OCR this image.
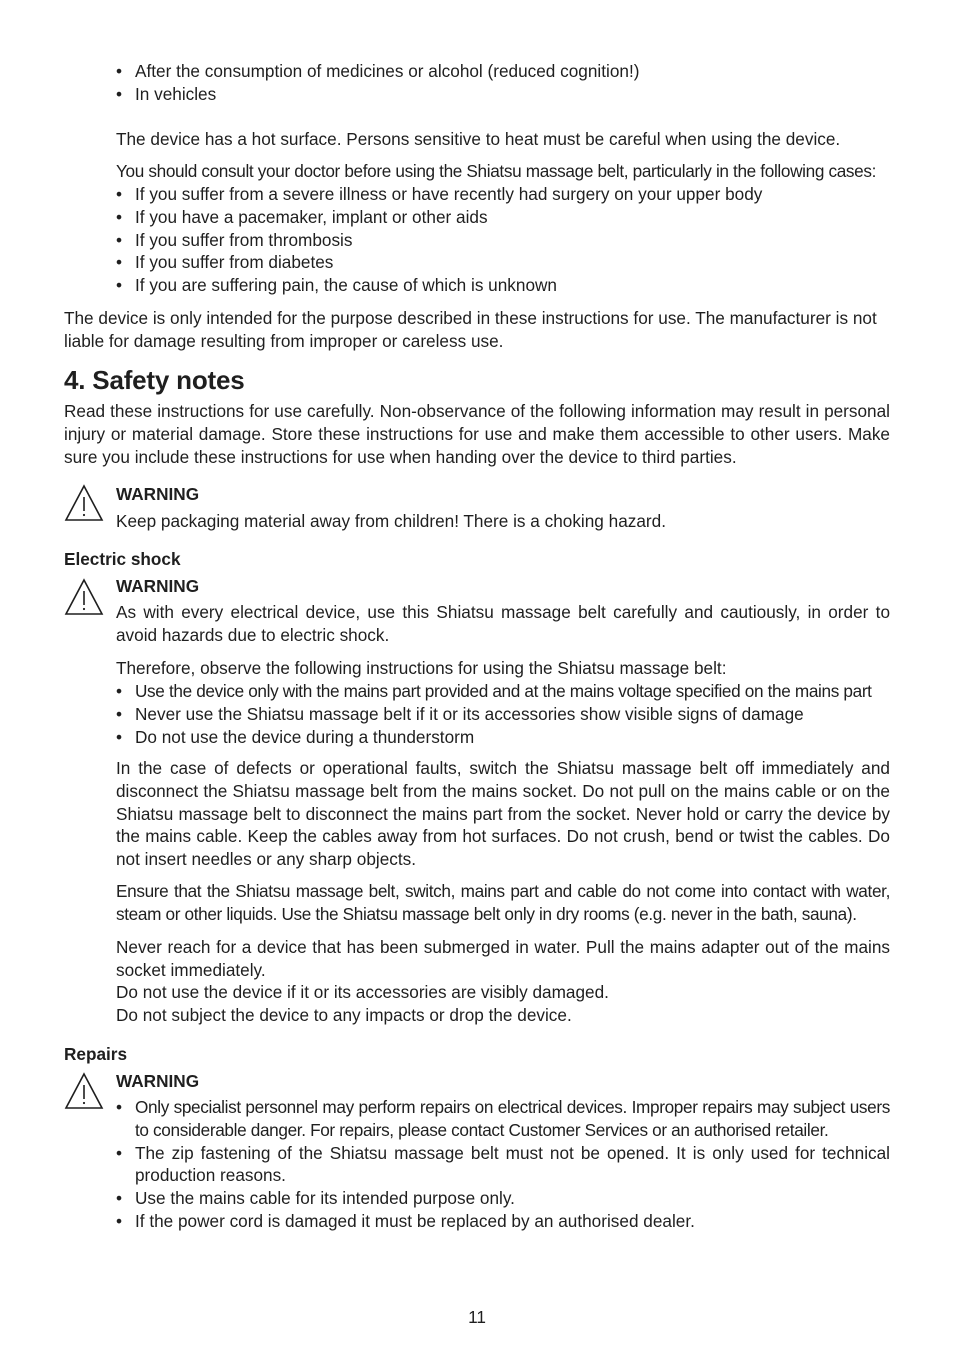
• After the consumption of medicines or alcohol (reduced cognition!)
• In vehicles

The device has a hot surface. Persons sensitive to heat must be careful when using the device.

You should consult your doctor before using the Shiatsu massage belt, particularly in the following cases:

• If you suffer from a severe illness or have recently had surgery on your upper body
• If you have a pacemaker, implant or other aids
• If you suffer from thrombosis
• If you suffer from diabetes
• If you are suffering pain, the cause of which is unknown

The device is only intended for the purpose described in these instructions for use. The manufacturer is not liable for damage resulting from improper or careless use.

4. Safety notes

Read these instructions for use carefully. Non-observance of the following information may result in personal injury or material damage. Store these instructions for use and make them accessible to other users. Make sure you include these instructions for use when handing over the device to third parties.

WARNING

Keep packaging material away from children! There is a choking hazard.

Electric shock
WARNING

As with every electrical device, use this Shiatsu massage belt carefully and cautiously, in order to avoid hazards due to electric shock.

Therefore, observe the following instructions for using the Shiatsu massage belt:

• Use the device only with the mains part provided and at the mains voltage specified on the mains part
• Never use the Shiatsu massage belt if it or its accessories show visible signs of damage
• Do not use the device during a thunderstorm

In the case of defects or operational faults, switch the Shiatsu massage belt off immediately and disconnect the Shiatsu massage belt from the mains socket. Do not pull on the mains cable or on the Shiatsu massage belt to disconnect the mains part from the socket. Never hold or carry the device by the mains cable. Keep the cables away from hot surfaces. Do not crush, bend or twist the cables. Do not insert needles or any sharp objects.

Ensure that the Shiatsu massage belt, switch, mains part and cable do not come into contact with water, steam or other liquids. Use the Shiatsu massage belt only in dry rooms (e.g. never in the bath, sauna).

Never reach for a device that has been submerged in water. Pull the mains adapter out of the mains socket immediately.

Do not use the device if it or its accessories are visibly damaged.

Do not subject the device to any impacts or drop the device.

Repairs
WARNING
• Only specialist personnel may perform repairs on electrical devices. Improper repairs may subject users to considerable danger. For repairs, please contact Customer Services or an authorised retailer.
• The zip fastening of the Shiatsu massage belt must not be opened. It is only used for technical production reasons.
• Use the mains cable for its intended purpose only.
• If the power cord is damaged it must be replaced by an authorised dealer.
11
